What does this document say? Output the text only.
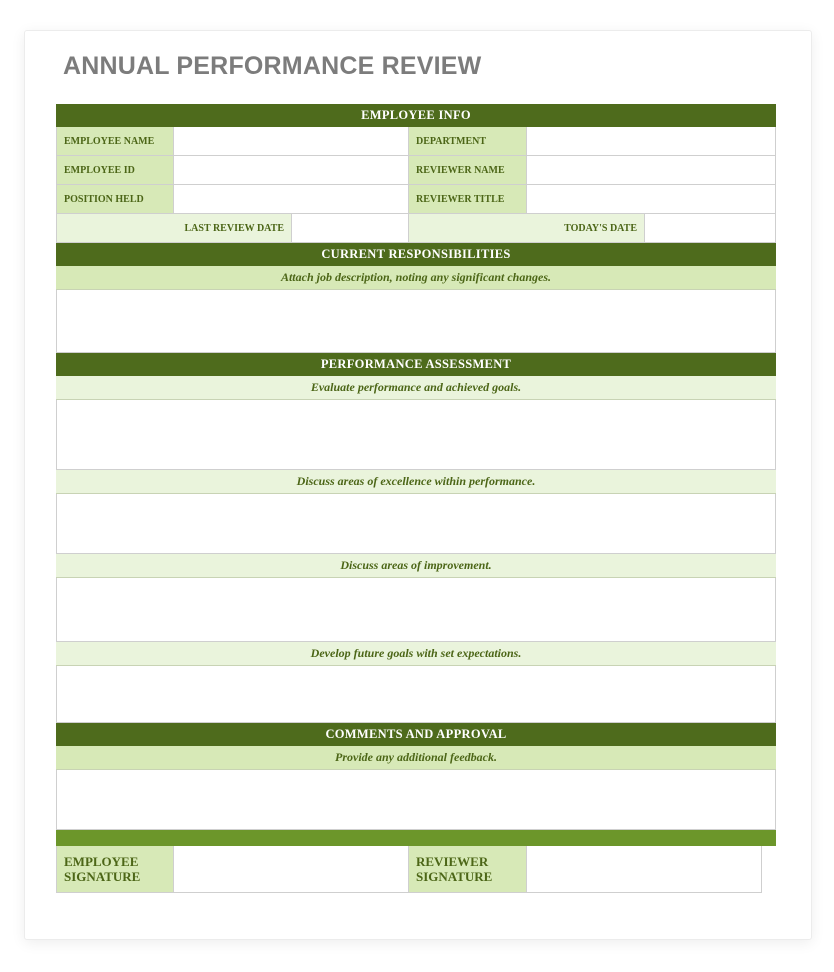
ANNUAL PERFORMANCE REVIEW
EMPLOYEE INFO
EMPLOYEE NAME	DEPARTMENT
EMPLOYEE ID	REVIEWER NAME
POSITION HELD	REVIEWER TITLE
LAST REVIEW DATE	TODAY'S DATE
CURRENT RESPONSIBILITIES
Attach job description, noting any significant changes.
PERFORMANCE ASSESSMENT
Evaluate performance and achieved goals.
Discuss areas of excellence within performance.
Discuss areas of improvement.
Develop future goals with set expectations.
COMMENTS AND APPROVAL
Provide any additional feedback.
EMPLOYEE
SIGNATURE
REVIEWER
SIGNATURE
